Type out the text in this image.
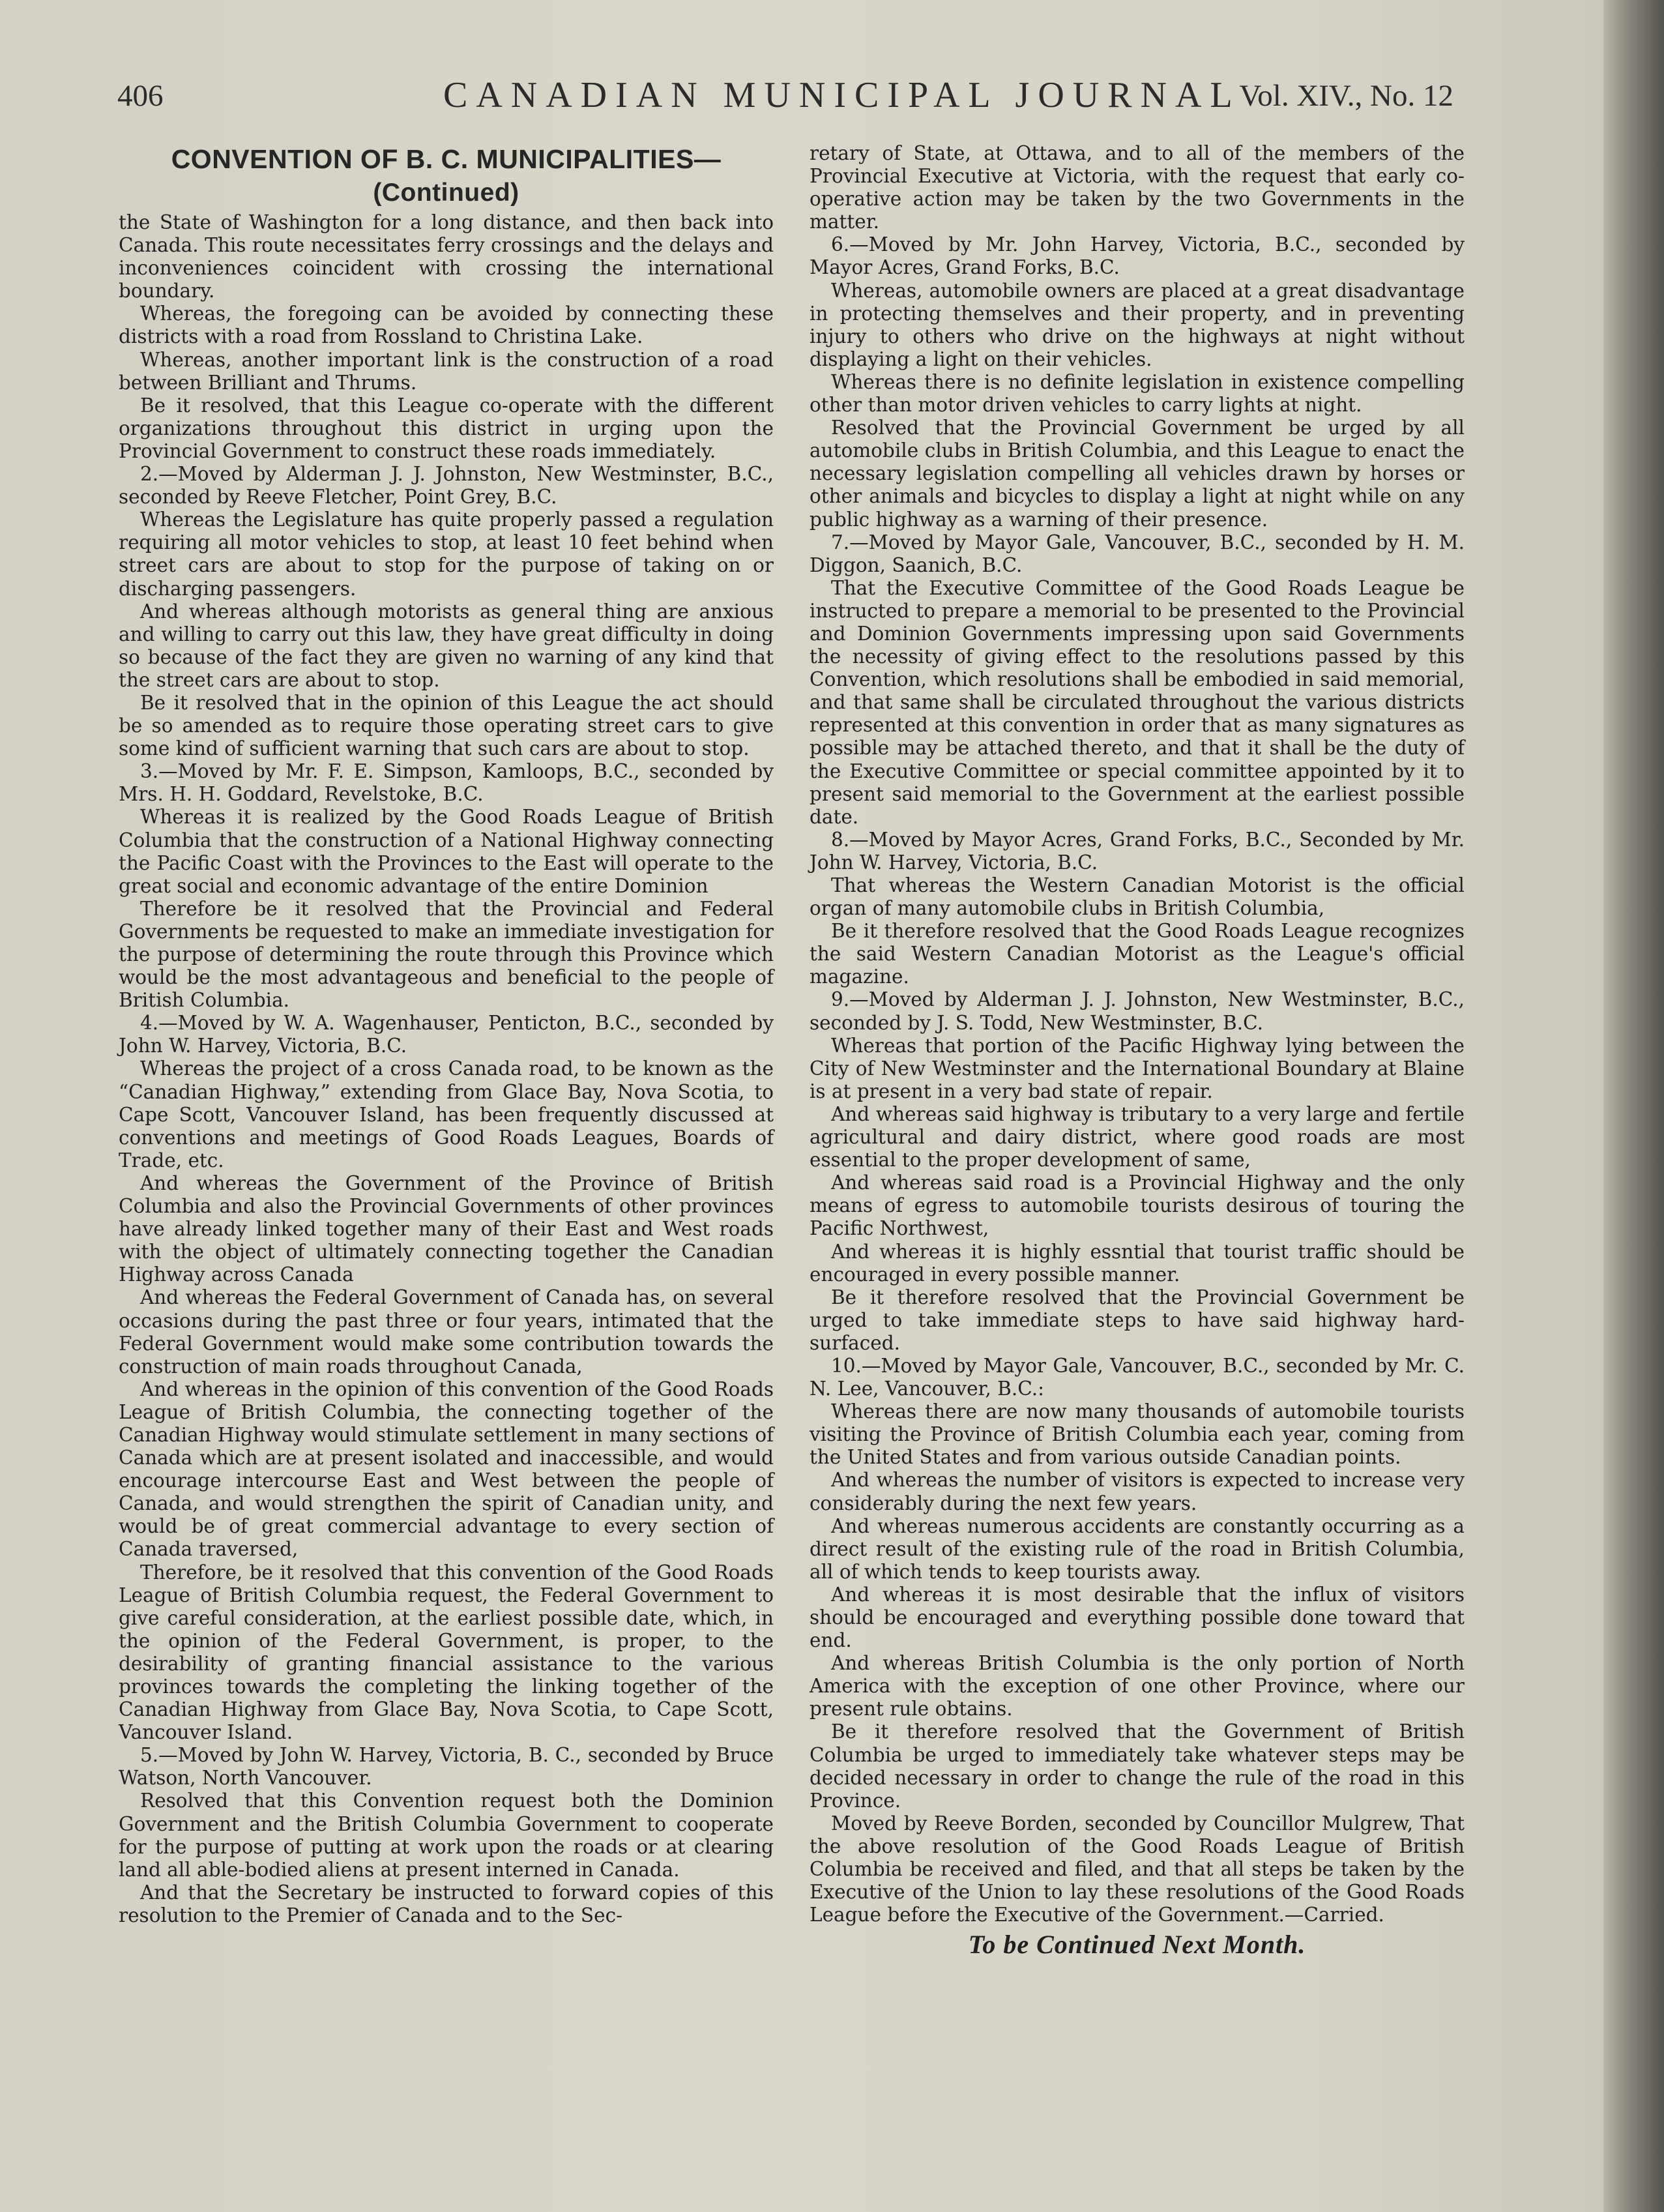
406	CANADIAN MUNICIPAL JOURNAL
Vol. XIV., No. 12
CONVENTION OF B. C. MUNICIPALITIES—
(Continued)

the State of Washington for a long distance, and then back into Canada. This route necessitates ferry crossings and the delays and inconveniences coincident with crossing the international boundary.

Whereas, the foregoing can be avoided by connecting these districts with a road from Rossland to Christina Lake.

Whereas, another important link is the construction of a road between Brilliant and Thrums.

Be it resolved, that this League co-operate with the different organizations throughout this district in urging upon the Provincial Government to construct these roads immediately.

2.—Moved by Alderman J. J. Johnston, New Westminster, B.C., seconded by Reeve Fletcher, Point Grey, B.C.

Whereas the Legislature has quite properly passed a regulation requiring all motor vehicles to stop, at least 10 feet behind when street cars are about to stop for the purpose of taking on or discharging passengers.

And whereas although motorists as general thing are anxious and willing to carry out this law, they have great difficulty in doing so because of the fact they are given no warning of any kind that the street cars are about to stop.

Be it resolved that in the opinion of this League the act should be so amended as to require those operating street cars to give some kind of sufficient warning that such cars are about to stop.

3.—Moved by Mr. F. E. Simpson, Kamloops, B.C., seconded by Mrs. H. H. Goddard, Revelstoke, B.C.

Whereas it is realized by the Good Roads League of British Columbia that the construction of a National Highway connecting the Pacific Coast with the Provinces to the East will operate to the great social and economic advantage of the entire Dominion

Therefore be it resolved that the Provincial and Federal Governments be requested to make an immediate investigation for the purpose of determining the route through this Province which would be the most advantageous and beneficial to the people of British Columbia.

4.—Moved by W. A. Wagenhauser, Penticton, B.C., seconded by John W. Harvey, Victoria, B.C.

Whereas the project of a cross Canada road, to be known as the “Canadian Highway,” extending from Glace Bay, Nova Scotia, to Cape Scott, Vancouver Island, has been frequently discussed at conventions and meetings of Good Roads Leagues, Boards of Trade, etc.

And whereas the Government of the Province of British Columbia and also the Provincial Governments of other provinces have already linked together many of their East and West roads with the object of ultimately connecting together the Canadian Highway across Canada

And whereas the Federal Government of Canada has, on several occasions during the past three or four years, intimated that the Federal Government would make some contribution towards the construction of main roads throughout Canada,

And whereas in the opinion of this convention of the Good Roads League of British Columbia, the connecting together of the Canadian Highway would stimulate settlement in many sections of Canada which are at present isolated and inaccessible, and would encourage intercourse East and West between the people of Canada, and would strengthen the spirit of Canadian unity, and would be of great commercial advantage to every section of Canada traversed,

Therefore, be it resolved that this convention of the Good Roads League of British Columbia request, the Federal Government to give careful consideration, at the earliest possible date, which, in the opinion of the Federal Government, is proper, to the desirability of granting financial assistance to the various provinces towards the completing the linking together of the Canadian Highway from Glace Bay, Nova Scotia, to Cape Scott, Vancouver Island.

5.—Moved by John W. Harvey, Victoria, B. C., seconded by Bruce Watson, North Vancouver.

Resolved that this Convention request both the Dominion Government and the British Columbia Government to cooperate for the purpose of putting at work upon the roads or at clearing land all able-bodied aliens at present interned in Canada.

And that the Secretary be instructed to forward copies of this resolution to the Premier of Canada and to the Sec-

retary of State, at Ottawa, and to all of the members of the Provincial Executive at Victoria, with the request that early co-operative action may be taken by the two Governments in the matter.

6.—Moved by Mr. John Harvey, Victoria, B.C., seconded by Mayor Acres, Grand Forks, B.C.

Whereas, automobile owners are placed at a great disadvantage in protecting themselves and their property, and in preventing injury to others who drive on the highways at night without displaying a light on their vehicles.

Whereas there is no definite legislation in existence compelling other than motor driven vehicles to carry lights at night.

Resolved that the Provincial Government be urged by all automobile clubs in British Columbia, and this League to enact the necessary legislation compelling all vehicles drawn by horses or other animals and bicycles to display a light at night while on any public highway as a warning of their presence.

7.—Moved by Mayor Gale, Vancouver, B.C., seconded by H. M. Diggon, Saanich, B.C.

That the Executive Committee of the Good Roads League be instructed to prepare a memorial to be presented to the Provincial and Dominion Governments impressing upon said Governments the necessity of giving effect to the resolutions passed by this Convention, which resolutions shall be embodied in said memorial, and that same shall be circulated throughout the various districts represented at this convention in order that as many signatures as possible may be attached thereto, and that it shall be the duty of the Executive Committee or special committee appointed by it to present said memorial to the Government at the earliest possible date.

8.—Moved by Mayor Acres, Grand Forks, B.C., Seconded by Mr. John W. Harvey, Victoria, B.C.

That whereas the Western Canadian Motorist is the official organ of many automobile clubs in British Columbia,

Be it therefore resolved that the Good Roads League recognizes the said Western Canadian Motorist as the League's official magazine.

9.—Moved by Alderman J. J. Johnston, New Westminster, B.C., seconded by J. S. Todd, New Westminster, B.C.

Whereas that portion of the Pacific Highway lying between the City of New Westminster and the International Boundary at Blaine is at present in a very bad state of repair.

And whereas said highway is tributary to a very large and fertile agricultural and dairy district, where good roads are most essential to the proper development of same,

And whereas said road is a Provincial Highway and the only means of egress to automobile tourists desirous of touring the Pacific Northwest,

And whereas it is highly essntial that tourist traffic should be encouraged in every possible manner.

Be it therefore resolved that the Provincial Government be urged to take immediate steps to have said highway hard-surfaced.

10.—Moved by Mayor Gale, Vancouver, B.C., seconded by Mr. C. N. Lee, Vancouver, B.C.:

Whereas there are now many thousands of automobile tourists visiting the Province of British Columbia each year, coming from the United States and from various outside Canadian points.

And whereas the number of visitors is expected to increase very considerably during the next few years.

And whereas numerous accidents are constantly occurring as a direct result of the existing rule of the road in British Columbia, all of which tends to keep tourists away.

And whereas it is most desirable that the influx of visitors should be encouraged and everything possible done toward that end.

And whereas British Columbia is the only portion of North America with the exception of one other Province, where our present rule obtains.

Be it therefore resolved that the Government of British Columbia be urged to immediately take whatever steps may be decided necessary in order to change the rule of the road in this Province.

Moved by Reeve Borden, seconded by Councillor Mulgrew, That the above resolution of the Good Roads League of British Columbia be received and filed, and that all steps be taken by the Executive of the Union to lay these resolutions of the Good Roads League before the Executive of the Government.—Carried.

To be Continued Next Month.
